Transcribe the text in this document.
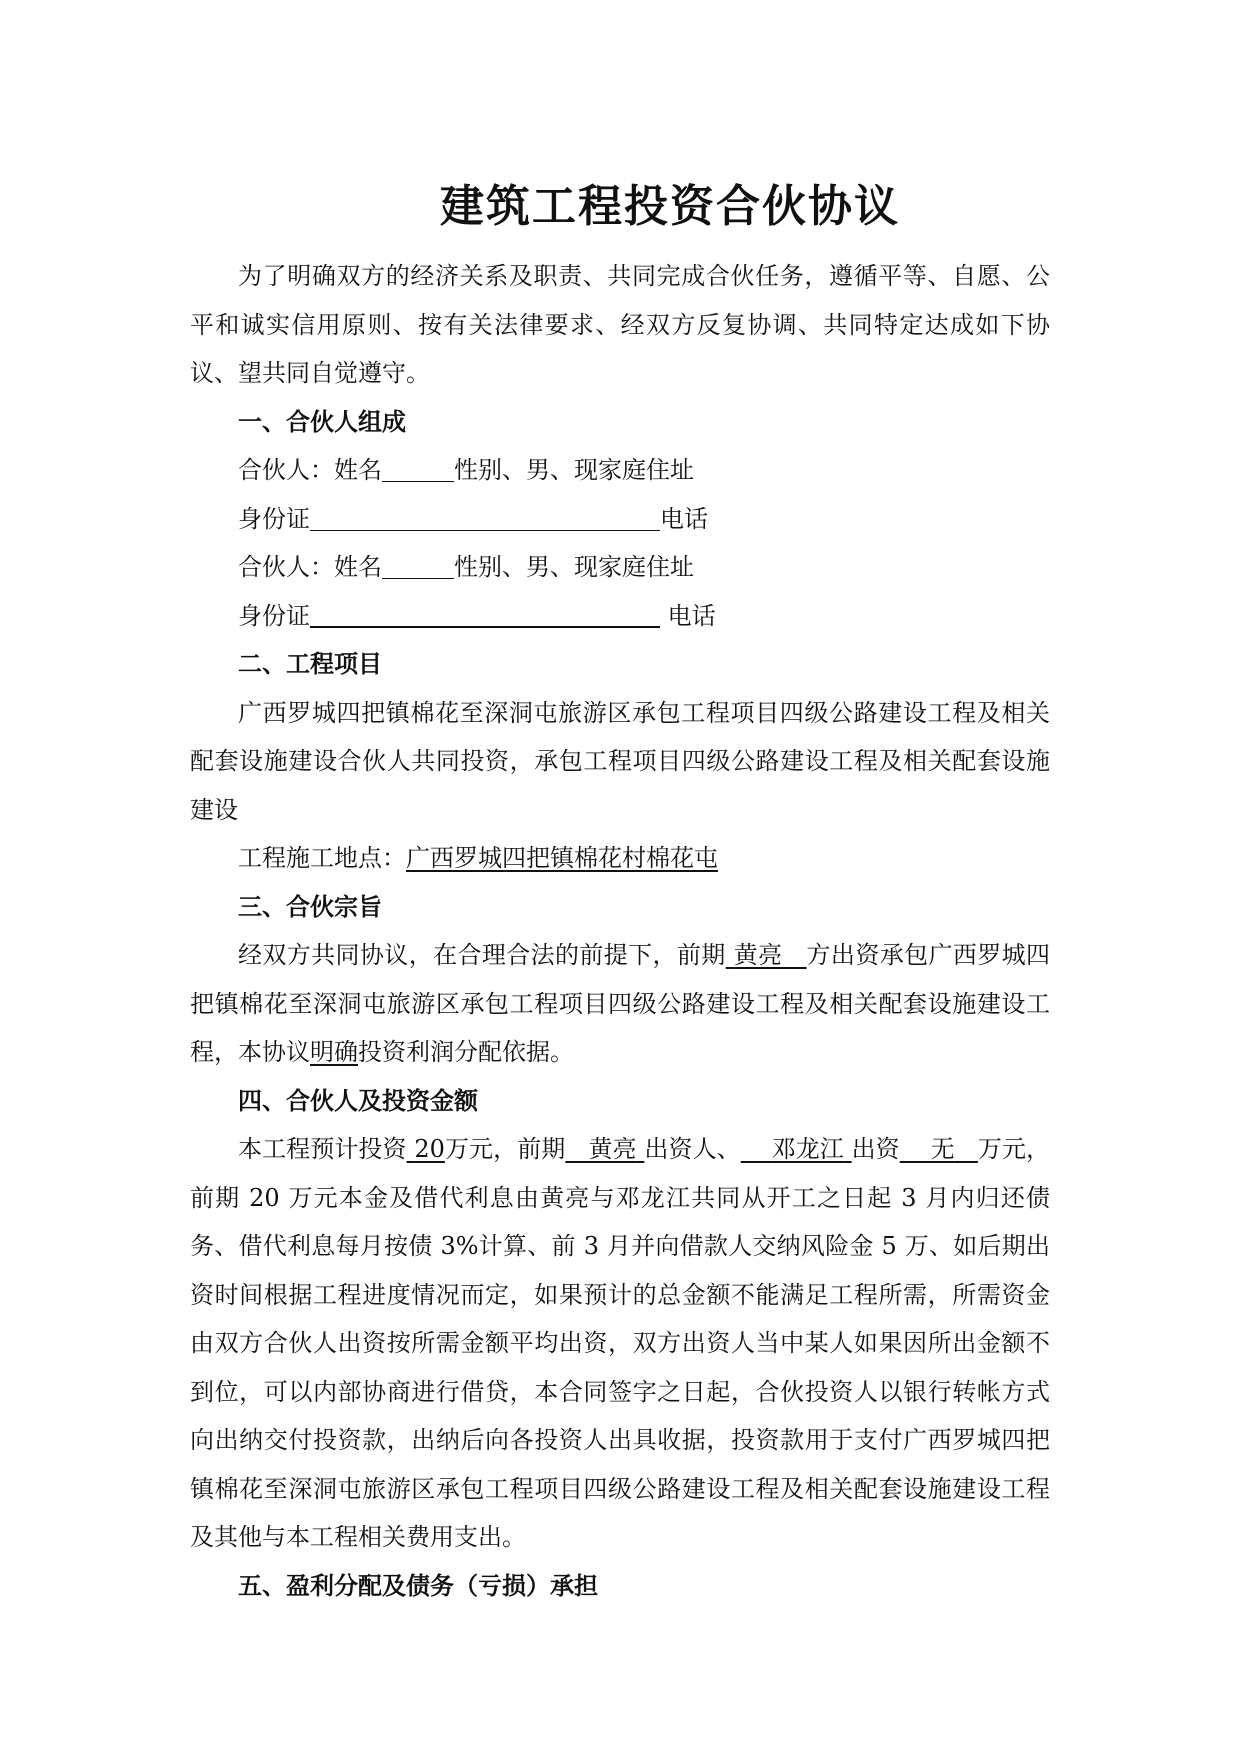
建筑工程投资合伙协议

为了明确双方的经济关系及职责、共同完成合伙任务，遵循平等、自愿、公平和诚实信用原则、按有关法律要求、经双方反复协调、共同特定达成如下协议、望共同自觉遵守。

一、合伙人组成
合伙人：姓名	性别、男、现家庭住址
身份证	电话
合伙人：姓名	性别、男、现家庭住址
身份证	电话
二、工程项目

广西罗城四把镇棉花至深洞屯旅游区承包工程项目四级公路建设工程及相关配套设施建设合伙人共同投资，承包工程项目四级公路建设工程及相关配套设施建设

工程施工地点：广西罗城四把镇棉花村棉花屯
三、合伙宗旨

经双方共同协议，在合理合法的前提下，前期 黄亮 方出资承包广西罗城四把镇棉花至深洞屯旅游区承包工程项目四级公路建设工程及相关配套设施建设工程，本协议明确投资利润分配依据。

四、合伙人及投资金额

本工程预计投资 20万元，前期 黄亮 出资人、 邓龙江 出资 无 万元，前期 20 万元本金及借代利息由黄亮与邓龙江共同从开工之日起 3 月内归还债务、借代利息每月按债 3%计算、前 3 月并向借款人交纳风险金 5 万、如后期出资时间根据工程进度情况而定，如果预计的总金额不能满足工程所需，所需资金由双方合伙人出资按所需金额平均出资，双方出资人当中某人如果因所出金额不到位，可以内部协商进行借贷，本合同签字之日起，合伙投资人以银行转帐方式向出纳交付投资款，出纳后向各投资人出具收据，投资款用于支付广西罗城四把镇棉花至深洞屯旅游区承包工程项目四级公路建设工程及相关配套设施建设工程及其他与本工程相关费用支出。

五、盈利分配及债务（亏损）承担
